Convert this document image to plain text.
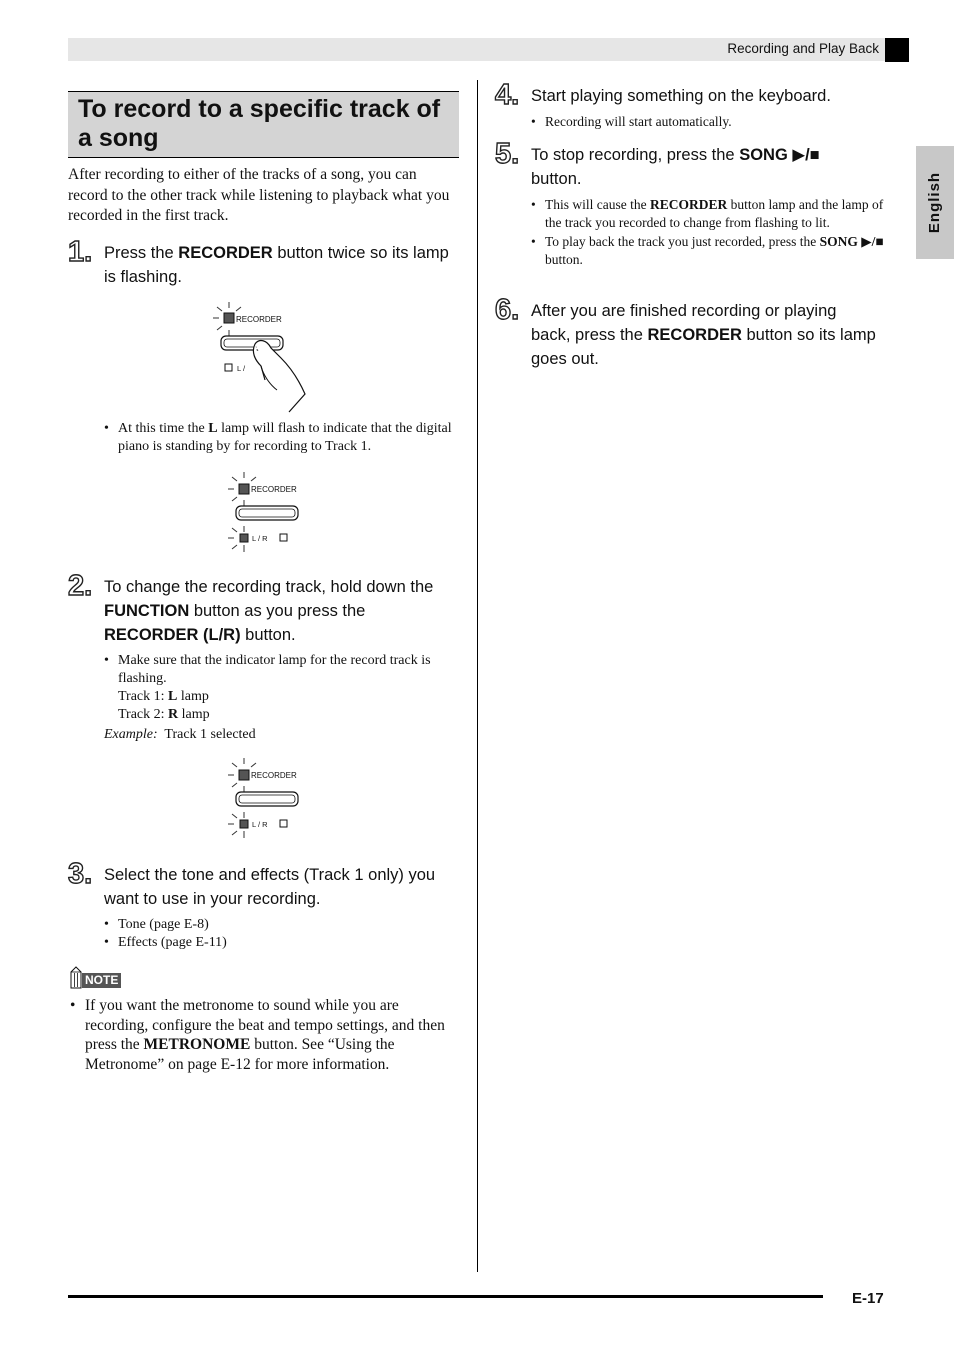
Recording and Play Back
English
To record to a specific track of a song
After recording to either of the tracks of a song, you can record to the other track while listening to playback what you recorded in the first track.
1. Press the RECORDER button twice so its lamp is flashing.
RECORDER
L /
• At this time the L lamp will flash to indicate that the digital piano is standing by for recording to Track 1.
RECORDER
L / R
2. To change the recording track, hold down the FUNCTION button as you press the RECORDER (L/R) button.
• Make sure that the indicator lamp for the record track is flashing.
Track 1: L lamp
Track 2: R lamp
Example: Track 1 selected
RECORDER
L / R
3. Select the tone and effects (Track 1 only) you want to use in your recording.
• Tone (page E-8)
• Effects (page E-11)
NOTE
• If you want the metronome to sound while you are recording, configure the beat and tempo settings, and then press the METRONOME button. See “Using the Metronome” on page E-12 for more information.
4. Start playing something on the keyboard.
• Recording will start automatically.
5. To stop recording, press the SONG ▶/■ button.
• This will cause the RECORDER button lamp and the lamp of the track you recorded to change from flashing to lit.
• To play back the track you just recorded, press the SONG ▶/■ button.
6. After you are finished recording or playing back, press the RECORDER button so its lamp goes out.
E-17
